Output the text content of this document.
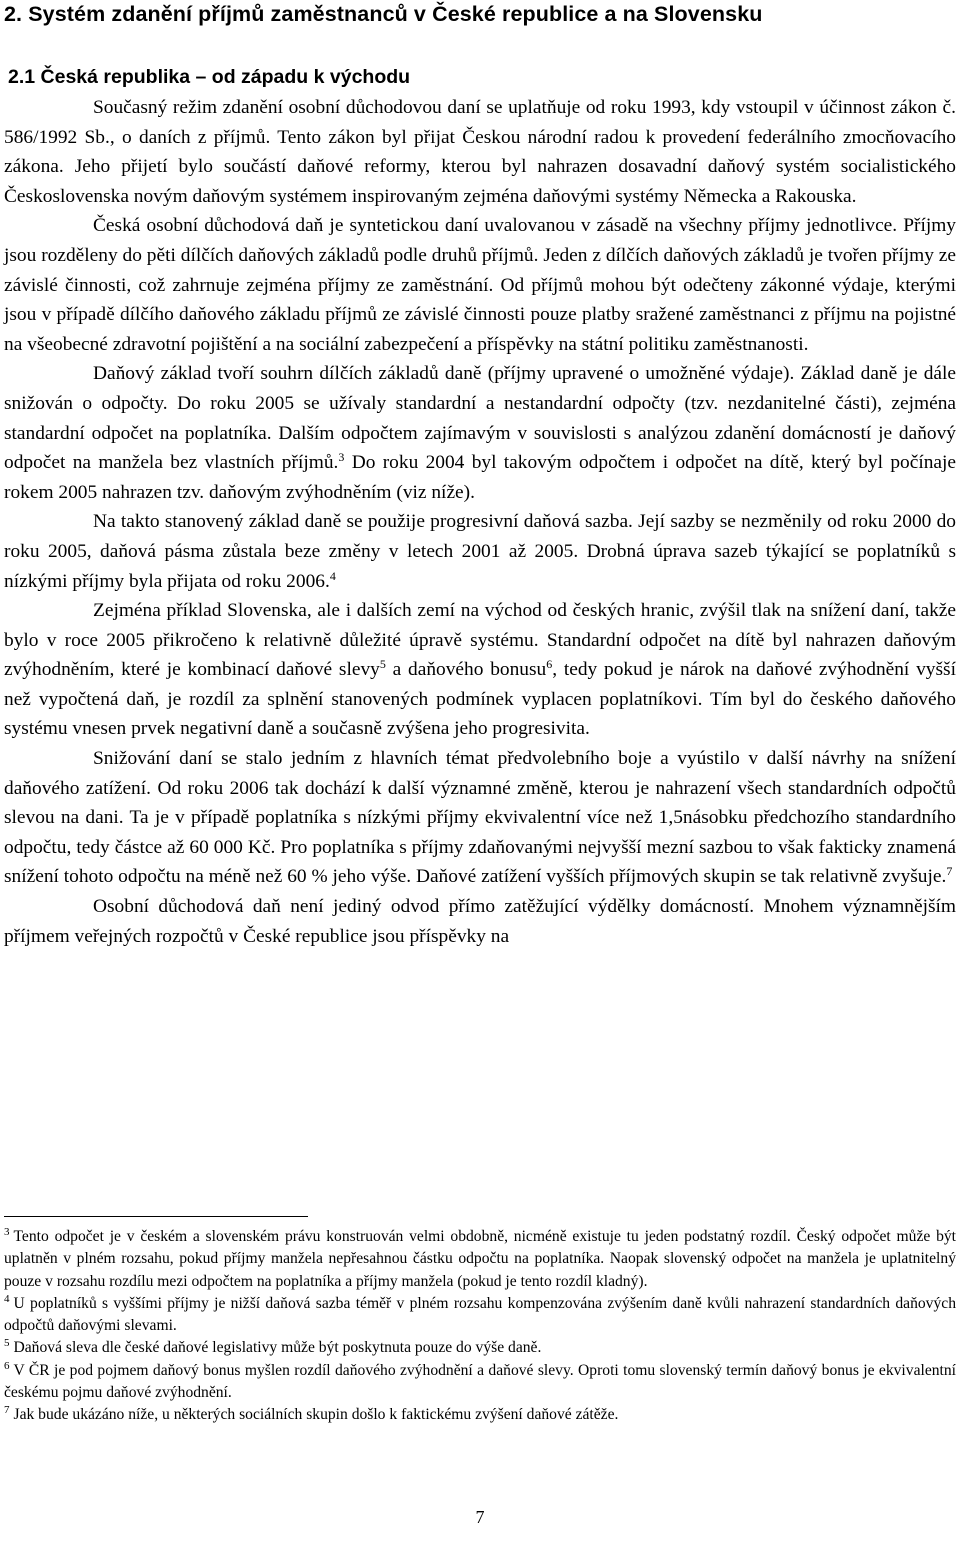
2. Systém zdanění příjmů zaměstnanců v České republice a na Slovensku
2.1 Česká republika – od západu k východu

Současný režim zdanění osobní důchodovou daní se uplatňuje od roku 1993, kdy vstoupil v účinnost zákon č. 586/1992 Sb., o daních z příjmů. Tento zákon byl přijat Českou národní radou k provedení federálního zmocňovacího zákona. Jeho přijetí bylo součástí daňové reformy, kterou byl nahrazen dosavadní daňový systém socialistického Československa novým daňovým systémem inspirovaným zejména daňovými systémy Německa a Rakouska.

Česká osobní důchodová daň je syntetickou daní uvalovanou v zásadě na všechny příjmy jednotlivce. Příjmy jsou rozděleny do pěti dílčích daňových základů podle druhů příjmů. Jeden z dílčích daňových základů je tvořen příjmy ze závislé činnosti, což zahrnuje zejména příjmy ze zaměstnání. Od příjmů mohou být odečteny zákonné výdaje, kterými jsou v případě dílčího daňového základu příjmů ze závislé činnosti pouze platby sražené zaměstnanci z příjmu na pojistné na všeobecné zdravotní pojištění a na sociální zabezpečení a příspěvky na státní politiku zaměstnanosti.

Daňový základ tvoří souhrn dílčích základů daně (příjmy upravené o umožněné výdaje). Základ daně je dále snižován o odpočty. Do roku 2005 se užívaly standardní a nestandardní odpočty (tzv. nezdanitelné části), zejména standardní odpočet na poplatníka. Dalším odpočtem zajímavým v souvislosti s analýzou zdanění domácností je daňový odpočet na manžela bez vlastních příjmů.$^3$ Do roku 2004 byl takovým odpočtem i odpočet na dítě, který byl počínaje rokem 2005 nahrazen tzv. daňovým zvýhodněním (viz níže).

Na takto stanovený základ daně se použije progresivní daňová sazba. Její sazby se nezměnily od roku 2000 do roku 2005, daňová pásma zůstala beze změny v letech 2001 až 2005. Drobná úprava sazeb týkající se poplatníků s nízkými příjmy byla přijata od roku 2006.$^4$

Zejména příklad Slovenska, ale i dalších zemí na východ od českých hranic, zvýšil tlak na snížení daní, takže bylo v roce 2005 přikročeno k relativně důležité úpravě systému. Standardní odpočet na dítě byl nahrazen daňovým zvýhodněním, které je kombinací daňové slevy$^5$ a daňového bonusu$^6$, tedy pokud je nárok na daňové zvýhodnění vyšší než vypočtená daň, je rozdíl za splnění stanovených podmínek vyplacen poplatníkovi. Tím byl do českého daňového systému vnesen prvek negativní daně a současně zvýšena jeho progresivita.

Snižování daní se stalo jedním z hlavních témat předvolebního boje a vyústilo v další návrhy na snížení daňového zatížení. Od roku 2006 tak dochází k další významné změně, kterou je nahrazení všech standardních odpočtů slevou na dani. Ta je v případě poplatníka s nízkými příjmy ekvivalentní více než 1,5násobku předchozího standardního odpočtu, tedy částce až 60 000 Kč. Pro poplatníka s příjmy zdaňovanými nejvyšší mezní sazbou to však fakticky znamená snížení tohoto odpočtu na méně než 60 % jeho výše. Daňové zatížení vyšších příjmových skupin se tak relativně zvyšuje.$^7$

Osobní důchodová daň není jediný odvod přímo zatěžující výdělky domácností. Mnohem významnějším příjmem veřejných rozpočtů v České republice jsou příspěvky na

$^3$ Tento odpočet je v českém a slovenském právu konstruován velmi obdobně, nicméně existuje tu jeden podstatný rozdíl. Český odpočet může být uplatněn v plném rozsahu, pokud příjmy manžela nepřesahnou částku odpočtu na poplatníka. Naopak slovenský odpočet na manžela je uplatnitelný pouze v rozsahu rozdílu mezi odpočtem na poplatníka a příjmy manžela (pokud je tento rozdíl kladný).

$^4$ U poplatníků s vyššími příjmy je nižší daňová sazba téměř v plném rozsahu kompenzována zvýšením daně kvůli nahrazení standardních daňových odpočtů daňovými slevami.

$^5$ Daňová sleva dle české daňové legislativy může být poskytnuta pouze do výše daně.

$^6$ V ČR je pod pojmem daňový bonus myšlen rozdíl daňového zvýhodnění a daňové slevy. Oproti tomu slovenský termín daňový bonus je ekvivalentní českému pojmu daňové zvýhodnění.

$^7$ Jak bude ukázáno níže, u některých sociálních skupin došlo k faktickému zvýšení daňové zátěže.

7
